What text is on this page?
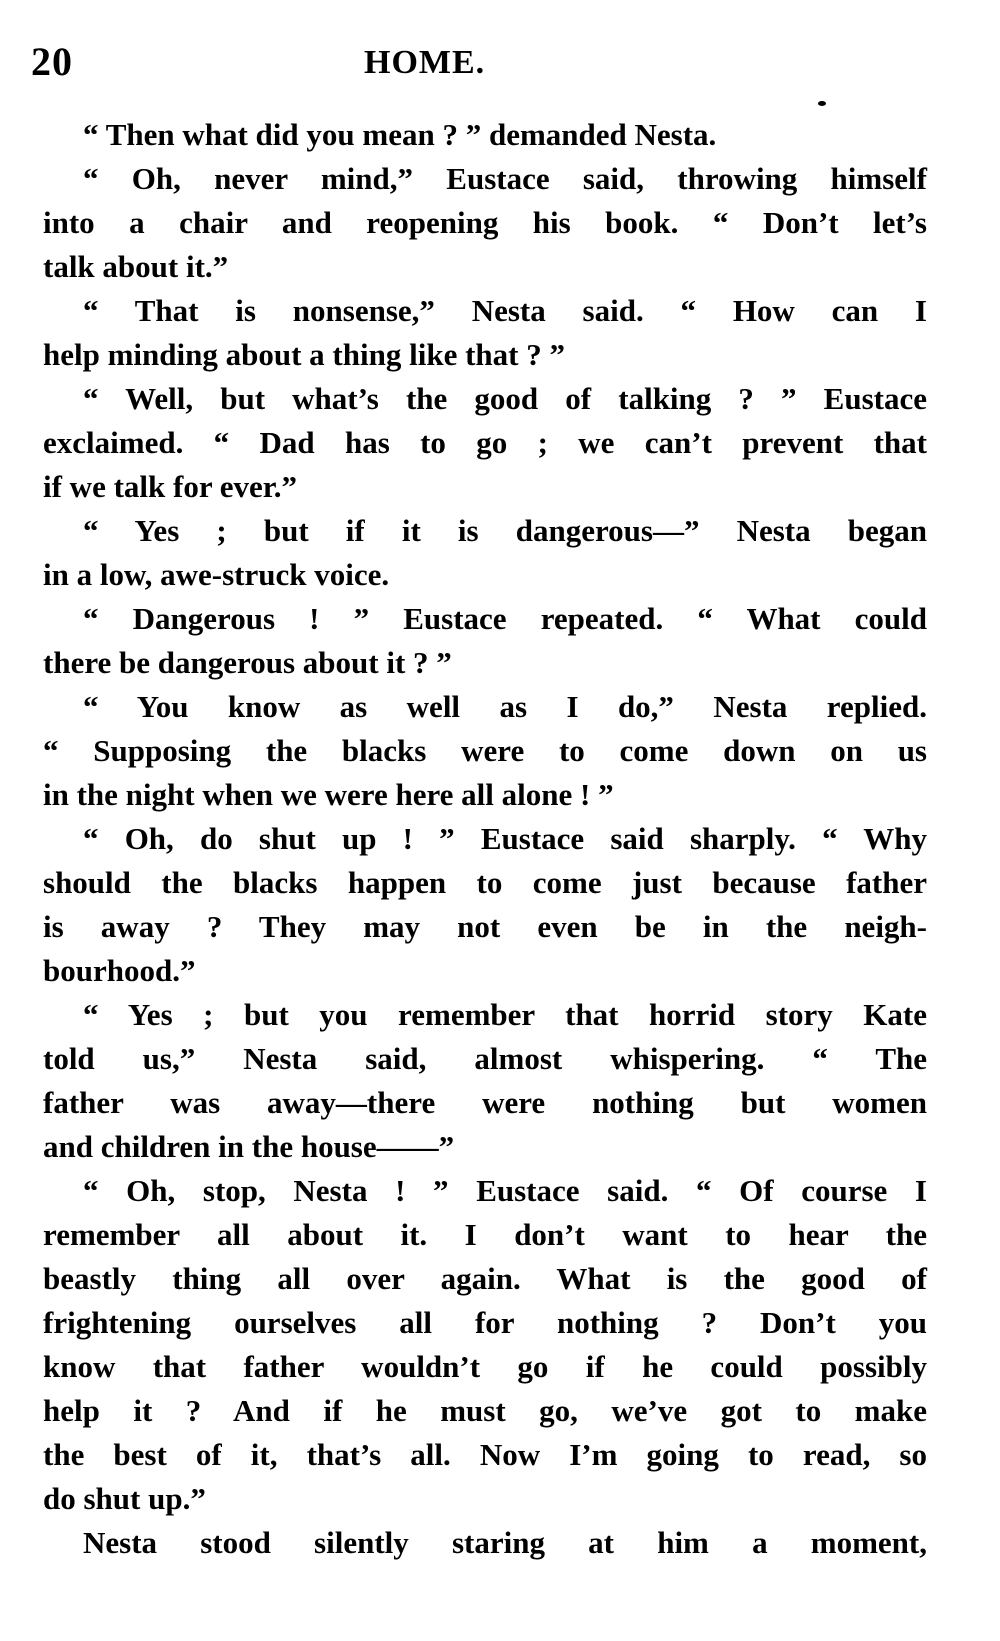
20	HOME.
“ Then what did you mean ? ” demanded Nesta.
“ Oh, never mind,” Eustace said, throwing himself
into a chair and reopening his book. “ Don’t let’s
talk about it.”
“ That is nonsense,” Nesta said. “ How can I
help minding about a thing like that ? ”
“ Well, but what’s the good of talking ? ” Eustace
exclaimed. “ Dad has to go ; we can’t prevent that
if we talk for ever.”
“ Yes ; but if it is dangerous—” Nesta began
in a low, awe-struck voice.
“ Dangerous ! ” Eustace repeated. “ What could
there be dangerous about it ? ”
“ You know as well as I do,” Nesta replied.
“ Supposing the blacks were to come down on us
in the night when we were here all alone ! ”
“ Oh, do shut up ! ” Eustace said sharply. “ Why
should the blacks happen to come just because father
is away ? They may not even be in the neigh-
bourhood.”
“ Yes ; but you remember that horrid story Kate
told us,” Nesta said, almost whispering. “ The
father was away—there were nothing but women
and children in the house——”
“ Oh, stop, Nesta ! ” Eustace said. “ Of course I
remember all about it. I don’t want to hear the
beastly thing all over again. What is the good of
frightening ourselves all for nothing ? Don’t you
know that father wouldn’t go if he could possibly
help it ? And if he must go, we’ve got to make
the best of it, that’s all. Now I’m going to read, so
do shut up.”
Nesta stood silently staring at him a moment,
